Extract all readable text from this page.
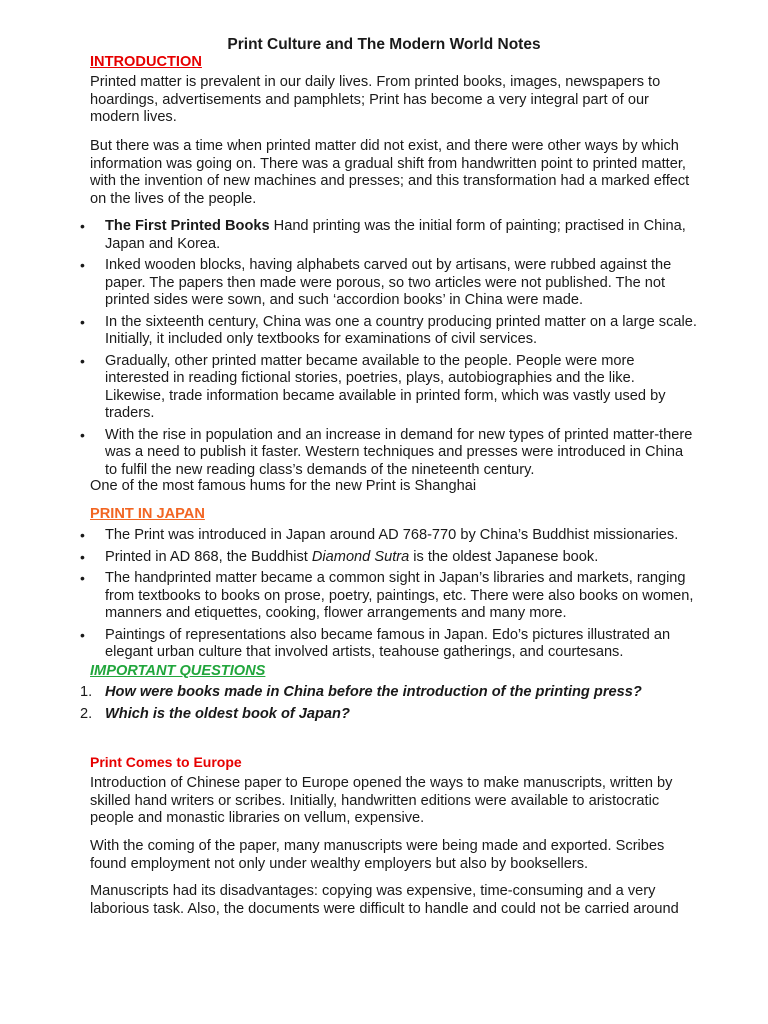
Print Culture and The Modern World Notes
INTRODUCTION
Printed matter is prevalent in our daily lives. From printed books, images, newspapers to hoardings, advertisements and pamphlets; Print has become a very integral part of our modern lives.
But there was a time when printed matter did not exist, and there were other ways by which information was going on. There was a gradual shift from handwritten point to printed matter, with the invention of new machines and presses; and this transformation had a marked effect on the lives of the people.
• The First Printed Books Hand printing was the initial form of painting; practised in China, Japan and Korea.
• Inked wooden blocks, having alphabets carved out by artisans, were rubbed against the paper. The papers then made were porous, so two articles were not published. The not printed sides were sown, and such ‘accordion books’ in China were made.
• In the sixteenth century, China was one a country producing printed matter on a large scale. Initially, it included only textbooks for examinations of civil services.
• Gradually, other printed matter became available to the people. People were more interested in reading fictional stories, poetries, plays, autobiographies and the like. Likewise, trade information became available in printed form, which was vastly used by traders.
• With the rise in population and an increase in demand for new types of printed matter-there was a need to publish it faster. Western techniques and presses were introduced in China to fulfil the new reading class’s demands of the nineteenth century.
One of the most famous hums for the new Print is Shanghai
PRINT IN JAPAN
• The Print was introduced in Japan around AD 768-770 by China’s Buddhist missionaries.
• Printed in AD 868, the Buddhist Diamond Sutra is the oldest Japanese book.
• The handprinted matter became a common sight in Japan’s libraries and markets, ranging from textbooks to books on prose, poetry, paintings, etc. There were also books on women, manners and etiquettes, cooking, flower arrangements and many more.
• Paintings of representations also became famous in Japan. Edo’s pictures illustrated an elegant urban culture that involved artists, teahouse gatherings, and courtesans.
IMPORTANT QUESTIONS
1. How were books made in China before the introduction of the printing press?
2. Which is the oldest book of Japan?
Print Comes to Europe
Introduction of Chinese paper to Europe opened the ways to make manuscripts, written by skilled hand writers or scribes. Initially, handwritten editions were available to aristocratic people and monastic libraries on vellum, expensive.
With the coming of the paper, many manuscripts were being made and exported. Scribes found employment not only under wealthy employers but also by booksellers.
Manuscripts had its disadvantages: copying was expensive, time-consuming and a very laborious task. Also, the documents were difficult to handle and could not be carried around
